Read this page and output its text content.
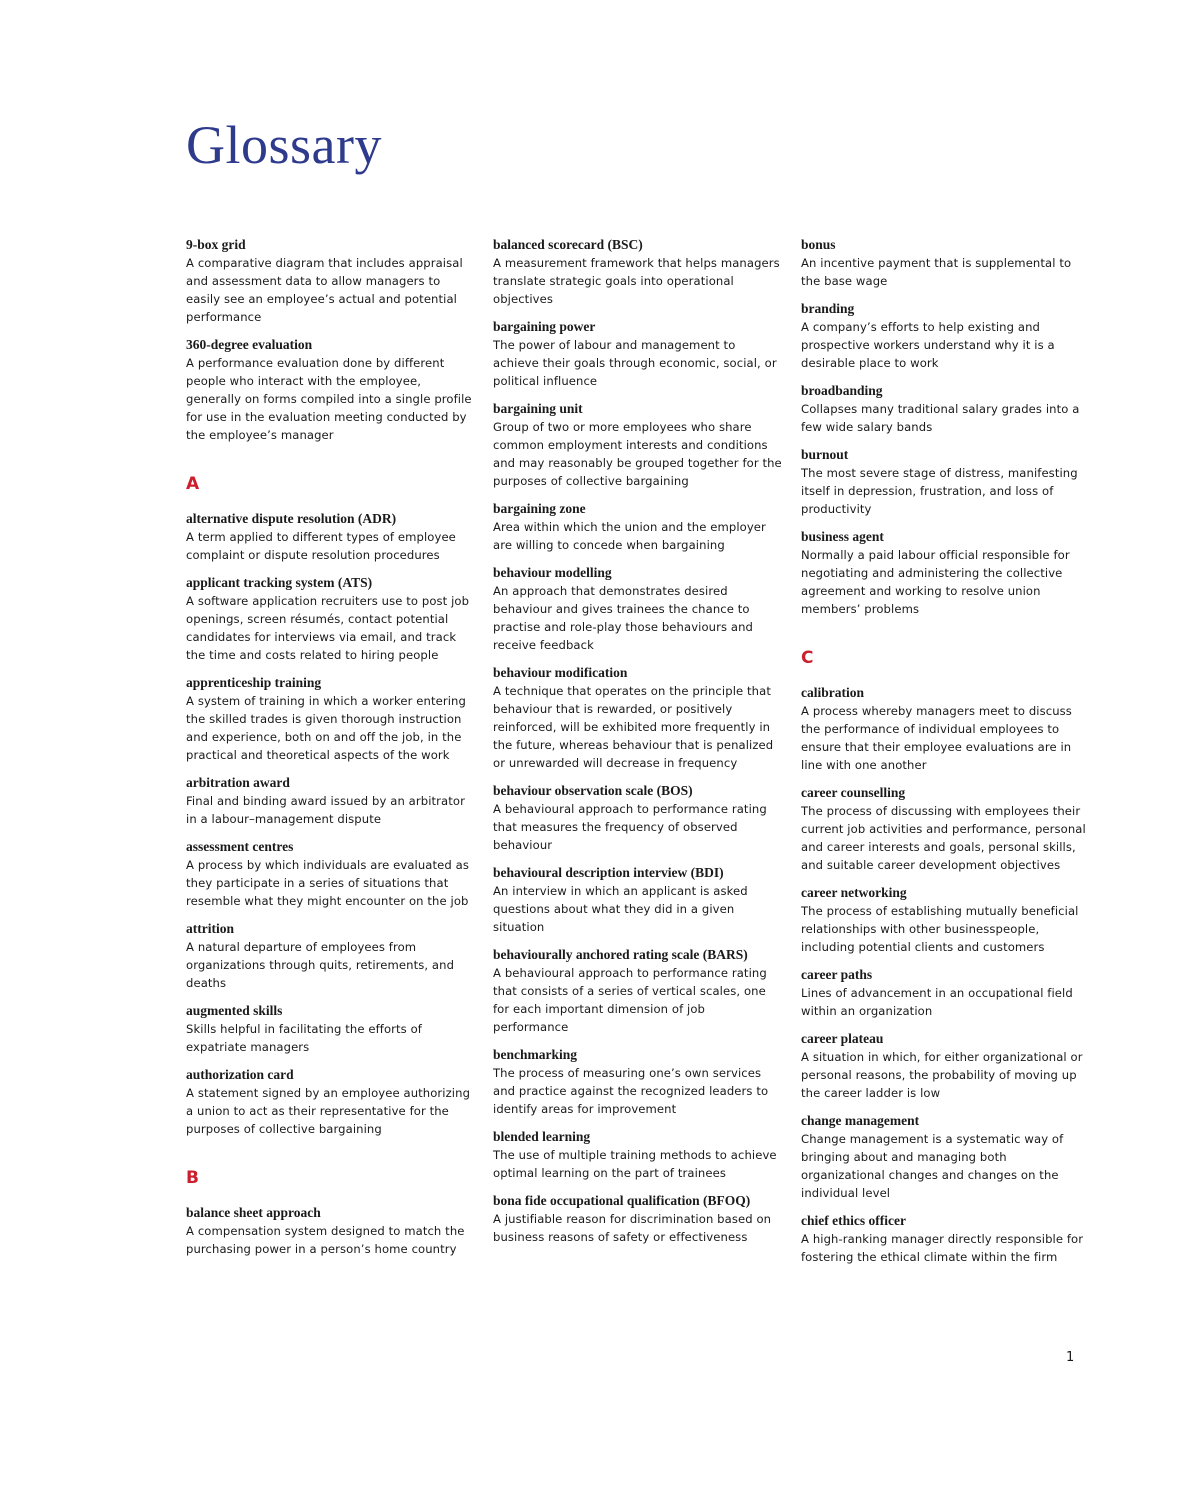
Glossary
9-box grid
A comparative diagram that includes appraisal and assessment data to allow managers to easily see an employee’s actual and potential performance
360-degree evaluation
A performance evaluation done by different people who interact with the employee, generally on forms compiled into a single profile for use in the evaluation meeting conducted by the employee’s manager
A
alternative dispute resolution (ADR)
A term applied to different types of employee complaint or dispute resolution procedures
applicant tracking system (ATS)
A software application recruiters use to post job openings, screen résumés, contact potential candidates for interviews via email, and track the time and costs related to hiring people
apprenticeship training
A system of training in which a worker entering the skilled trades is given thorough instruction and experience, both on and off the job, in the practical and theoretical aspects of the work
arbitration award
Final and binding award issued by an arbitrator in a labour–management dispute
assessment centres
A process by which individuals are evaluated as they participate in a series of situations that resemble what they might encounter on the job
attrition
A natural departure of employees from organizations through quits, retirements, and deaths
augmented skills
Skills helpful in facilitating the efforts of expatriate managers
authorization card
A statement signed by an employee authorizing a union to act as their representative for the purposes of collective bargaining
B
balance sheet approach
A compensation system designed to match the purchasing power in a person’s home country
balanced scorecard (BSC)
A measurement framework that helps managers translate strategic goals into operational objectives
bargaining power
The power of labour and management to achieve their goals through economic, social, or political influence
bargaining unit
Group of two or more employees who share common employment interests and conditions and may reasonably be grouped together for the purposes of collective bargaining
bargaining zone
Area within which the union and the employer are willing to concede when bargaining
behaviour modelling
An approach that demonstrates desired behaviour and gives trainees the chance to practise and role-play those behaviours and receive feedback
behaviour modification
A technique that operates on the principle that behaviour that is rewarded, or positively reinforced, will be exhibited more frequently in the future, whereas behaviour that is penalized or unrewarded will decrease in frequency
behaviour observation scale (BOS)
A behavioural approach to performance rating that measures the frequency of observed behaviour
behavioural description interview (BDI)
An interview in which an applicant is asked questions about what they did in a given situation
behaviourally anchored rating scale (BARS)
A behavioural approach to performance rating that consists of a series of vertical scales, one for each important dimension of job performance
benchmarking
The process of measuring one’s own services and practice against the recognized leaders to identify areas for improvement
blended learning
The use of multiple training methods to achieve optimal learning on the part of trainees
bona fide occupational qualification (BFOQ)
A justifiable reason for discrimination based on business reasons of safety or effectiveness
bonus
An incentive payment that is supplemental to the base wage
branding
A company’s efforts to help existing and prospective workers understand why it is a desirable place to work
broadbanding
Collapses many traditional salary grades into a few wide salary bands
burnout
The most severe stage of distress, manifesting itself in depression, frustration, and loss of productivity
business agent
Normally a paid labour official responsible for negotiating and administering the collective agreement and working to resolve union members’ problems
C
calibration
A process whereby managers meet to discuss the performance of individual employees to ensure that their employee evaluations are in line with one another
career counselling
The process of discussing with employees their current job activities and performance, personal and career interests and goals, personal skills, and suitable career development objectives
career networking
The process of establishing mutually beneficial relationships with other businesspeople, including potential clients and customers
career paths
Lines of advancement in an occupational field within an organization
career plateau
A situation in which, for either organizational or personal reasons, the probability of moving up the career ladder is low
change management
Change management is a systematic way of bringing about and managing both organizational changes and changes on the individual level
chief ethics officer
A high-ranking manager directly responsible for fostering the ethical climate within the firm
1
